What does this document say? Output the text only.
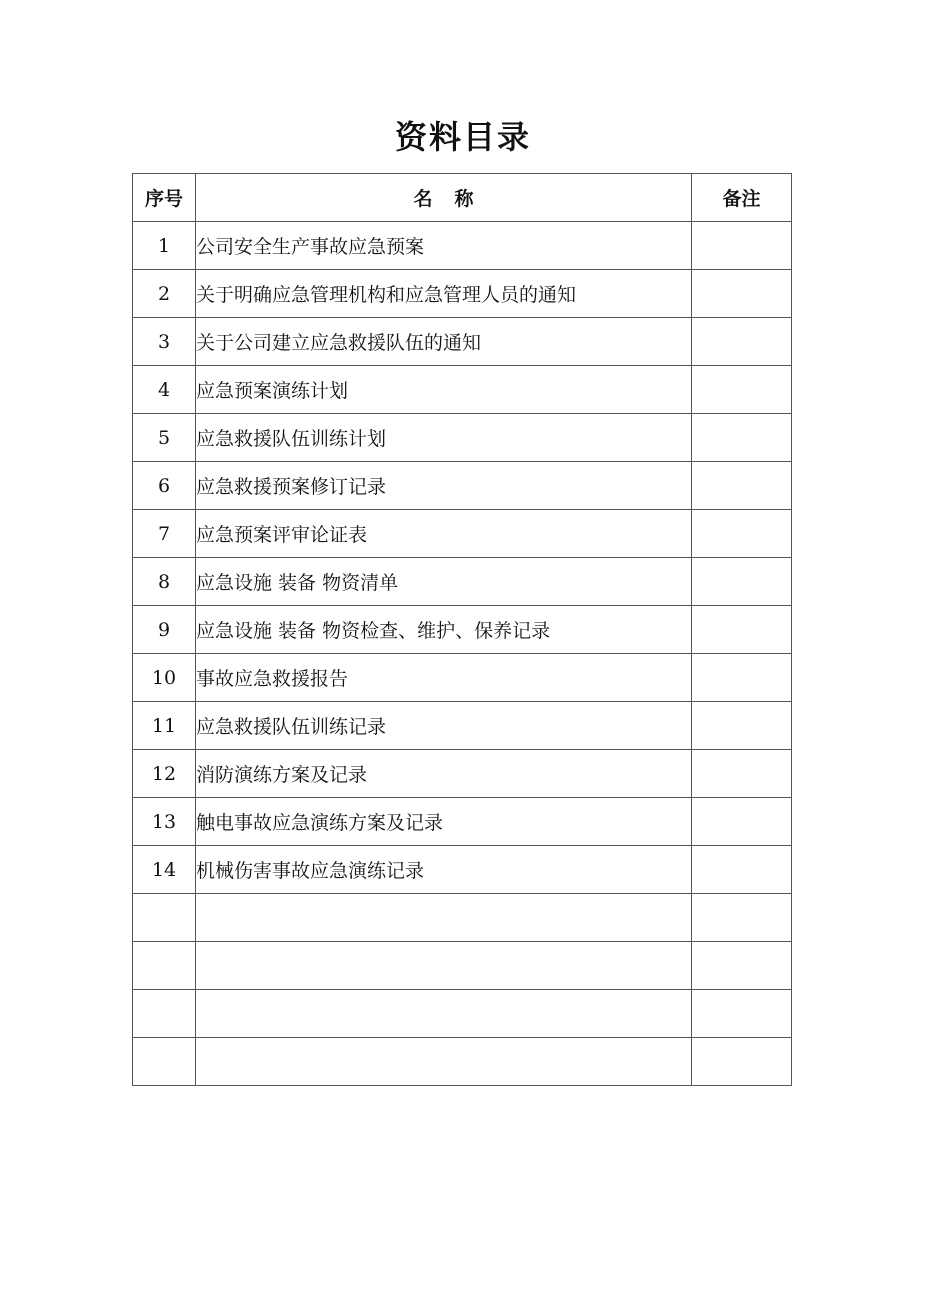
资料目录
序号	名称	备注
1	公司安全生产事故应急预案	
2	关于明确应急管理机构和应急管理人员的通知	
3	关于公司建立应急救援队伍的通知	
4	应急预案演练计划	
5	应急救援队伍训练计划	
6	应急救援预案修订记录	
7	应急预案评审论证表	
8	应急设施 装备 物资清单	
9	应急设施 装备 物资检查、维护、保养记录	
10	事故应急救援报告	
11	应急救援队伍训练记录	
12	消防演练方案及记录	
13	触电事故应急演练方案及记录	
14	机械伤害事故应急演练记录	
